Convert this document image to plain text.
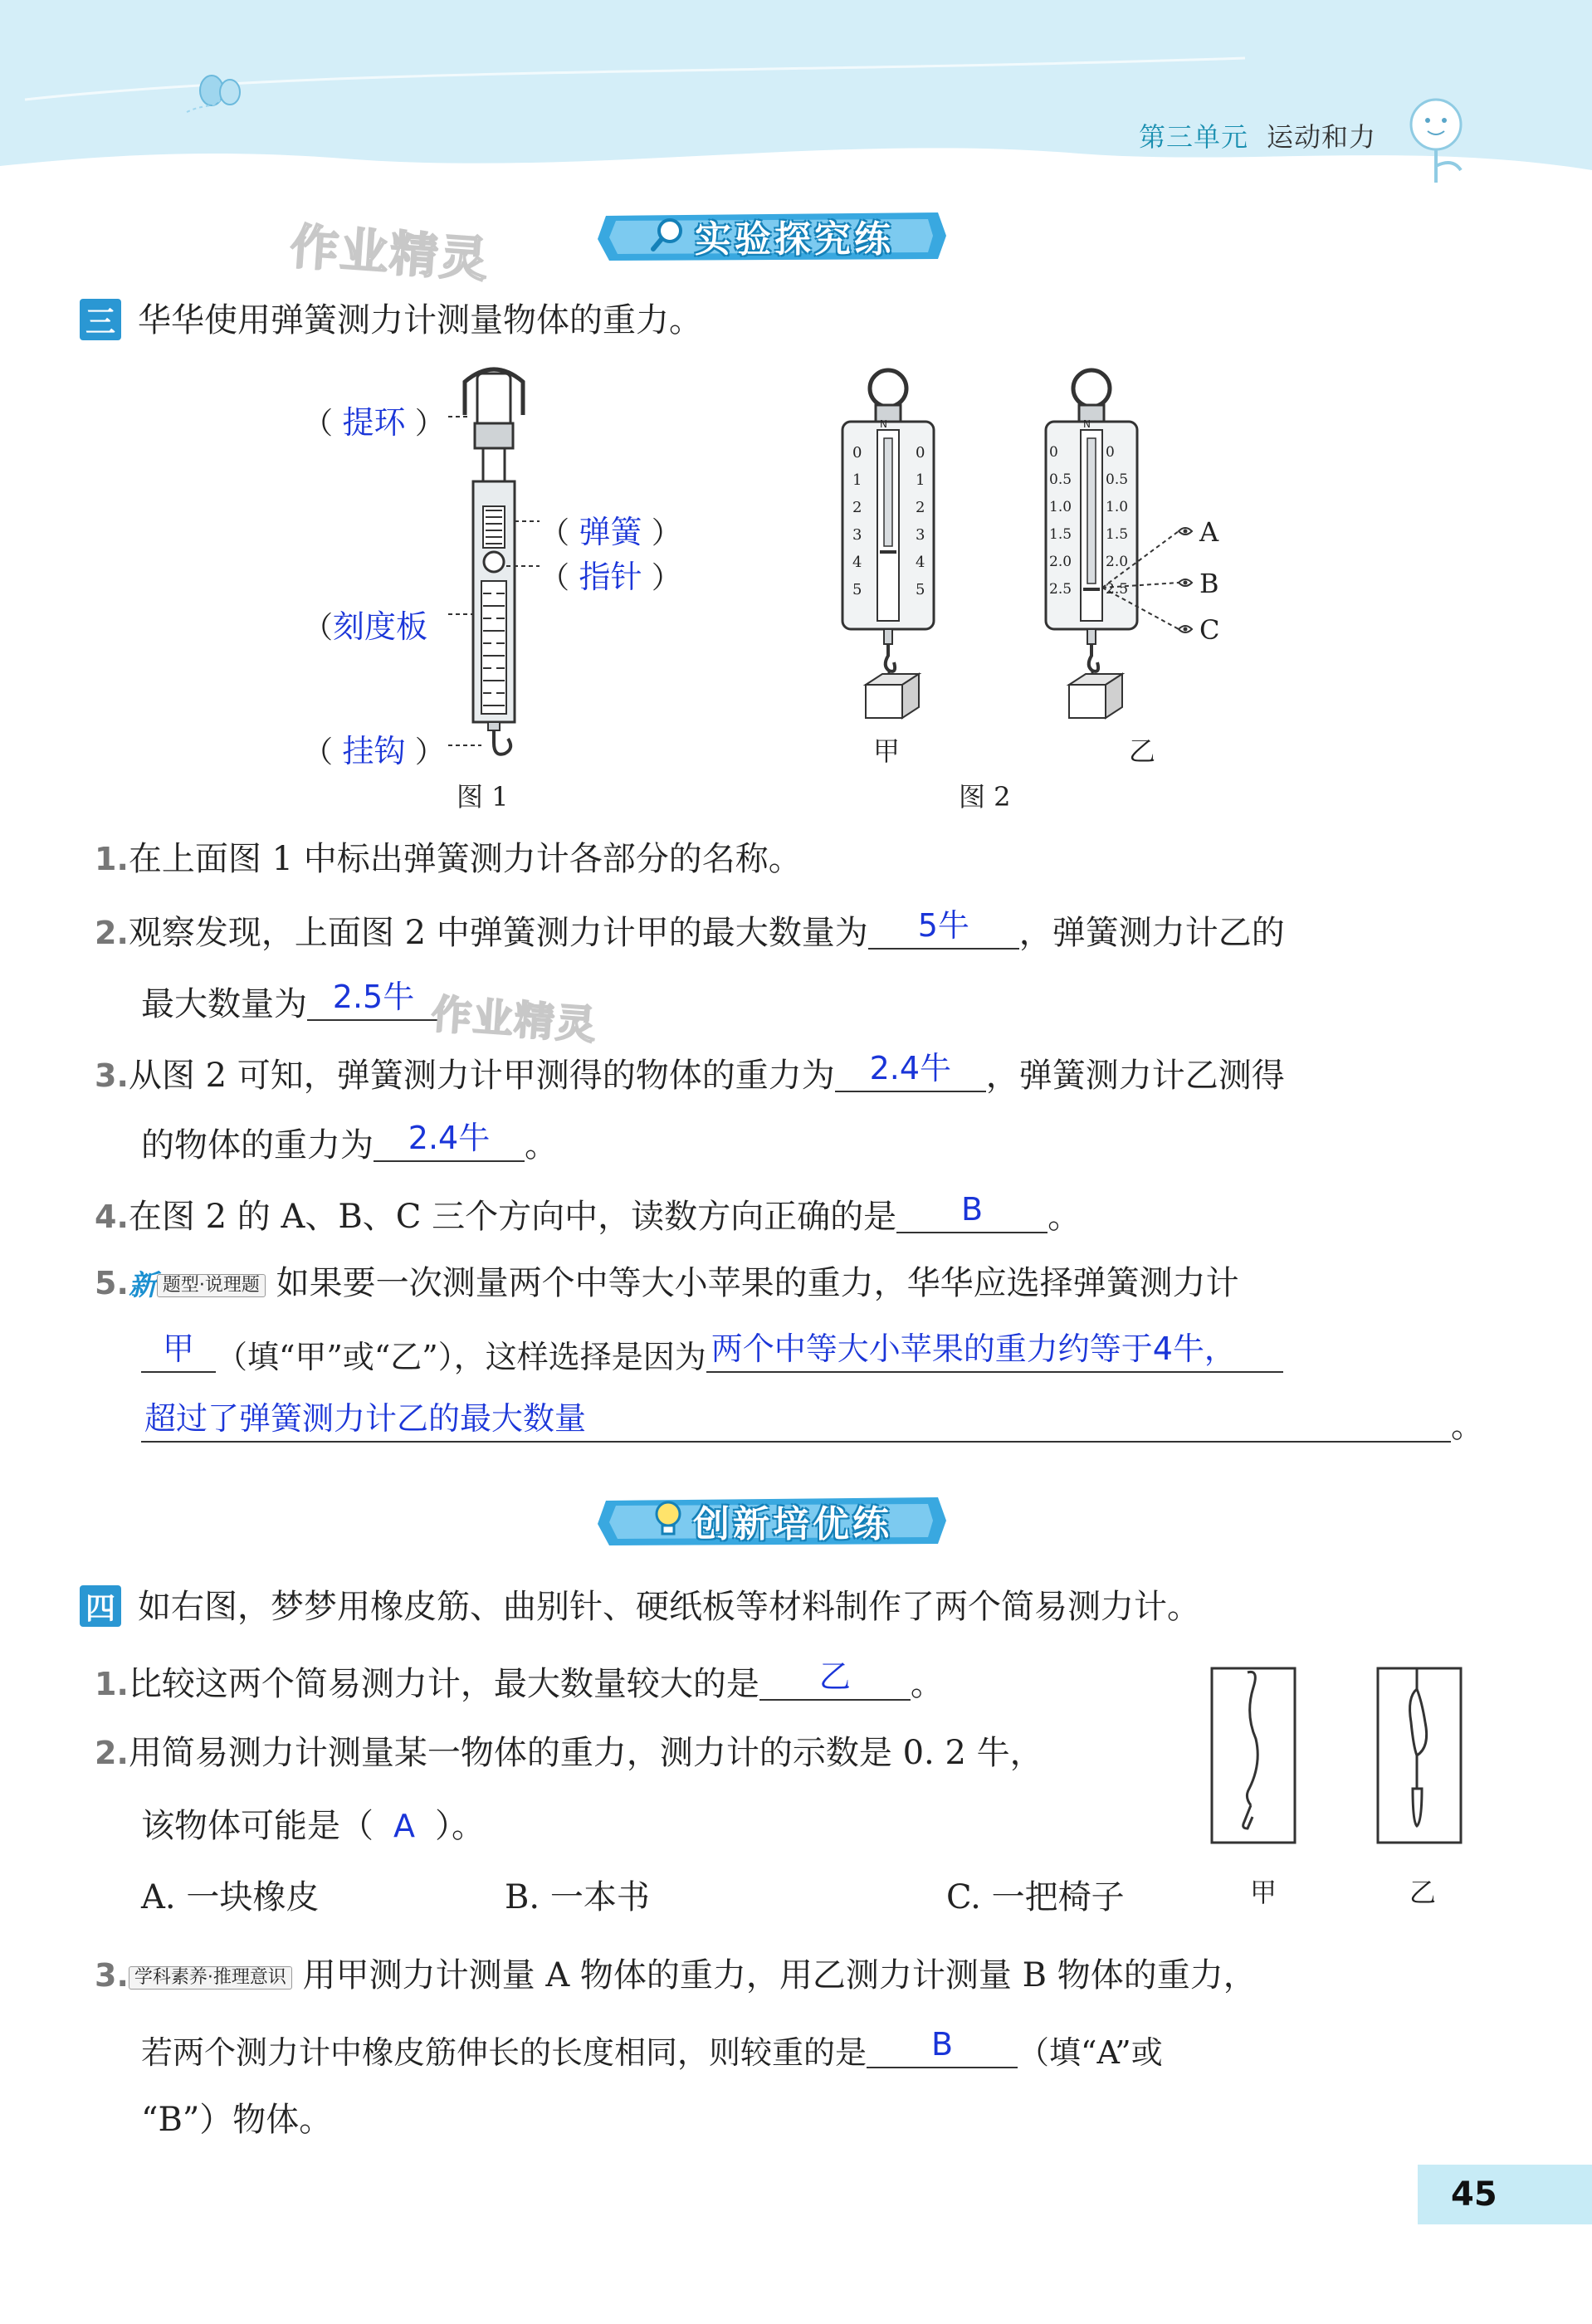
第三单元 运动和力
作业精灵	实验探究练
三 华华使用弹簧测力计测量物体的重力。
（ 提环 ）
（ 弹簧 ）
（ 指针 ）
（刻度板
（ 挂钩 ）
图 1
N
0	0
1	1
2	2
3	3
4	4
5	5
甲
N
0	0
0.5 0.5
1.0 1.0
1.5 1.5
2.0 2.0
2.5 2.5
A
B
C
乙
图 2
1.在上面图 1 中标出弹簧测力计各部分的名称。
2.观察发现，上面图 2 中弹簧测力计甲的最大数量为	5牛	，弹簧测力计乙的
最大数量为 2.5牛 作业精灵
3.从图 2 可知，弹簧测力计甲测得的物体的重力为	2.4牛	，弹簧测力计乙测得
的物体的重力为	2.4牛	。
4.在图 2 的 A、B、C 三个方向中，读数方向正确的是	B	。
5.新 题型·说理题 如果要一次测量两个中等大小苹果的重力，华华应选择弹簧测力计
甲 （填“甲”或“乙”），这样选择是因为 两个中等大小苹果的重力约等于4牛，
超过了弹簧测力计乙的最大数量	。
创新培优练
四 如右图，梦梦用橡皮筋、曲别针、硬纸板等材料制作了两个简易测力计。
1.比较这两个简易测力计，最大数量较大的是	乙	。
2.用简易测力计测量某一物体的重力，测力计的示数是 0. 2 牛，
该物体可能是（ A ）。
A. 一块橡皮	B. 一本书	C. 一把椅子	甲	乙
3. 学科素养·推理意识 用甲测力计测量 A 物体的重力，用乙测力计测量 B 物体的重力，
若两个测力计中橡皮筋伸长的长度相同，则较重的是	B	（填“A”或
“B”）物体。
45
